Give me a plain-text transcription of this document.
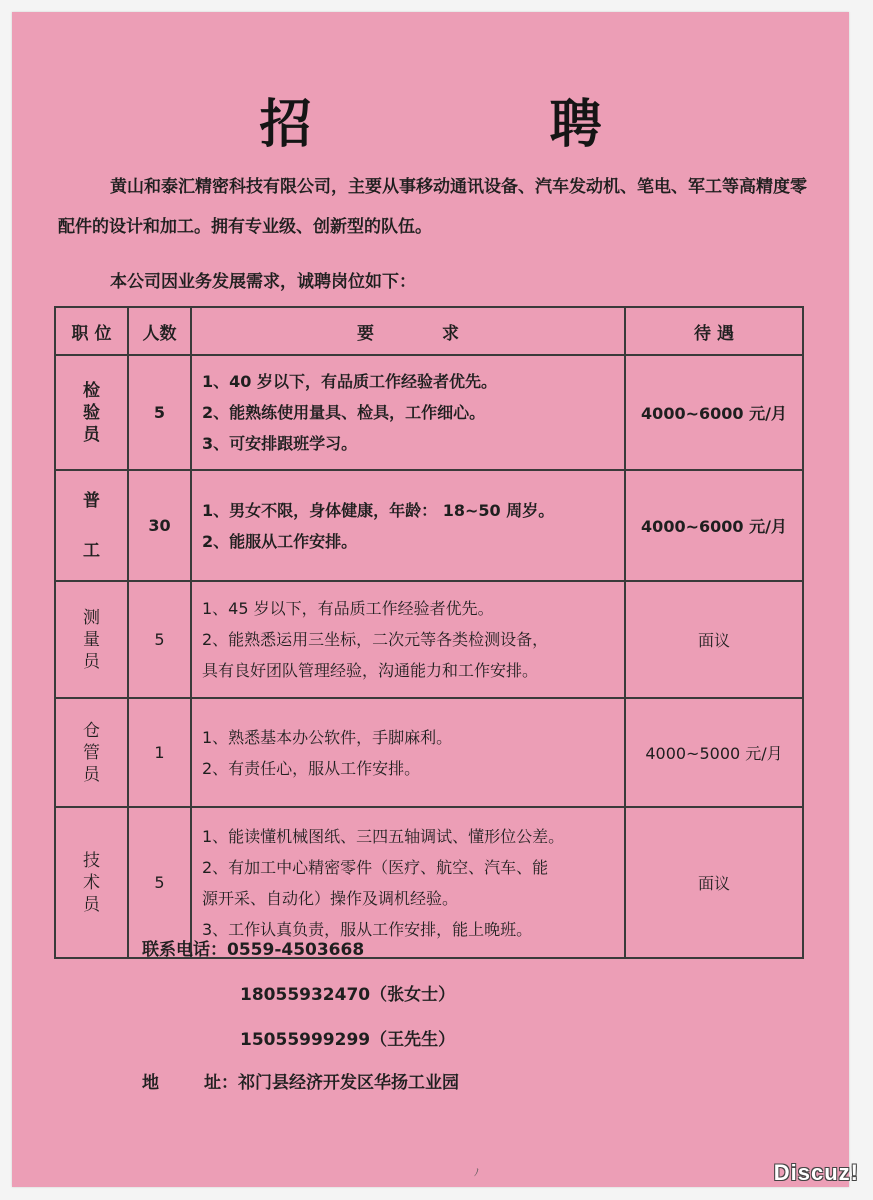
招 聘
黄山和泰汇精密科技有限公司，主要从事移动通讯设备、汽车发动机、笔电、军工等高精度零配件的设计和加工。拥有专业级、创新型的队伍。
本公司因业务发展需求，诚聘岗位如下：
职 位	人数	要　　　　求	待 遇
检验员	5	1、40 岁以下，有品质工作经验者优先。
2、能熟练使用量具、检具，工作细心。
3、可安排跟班学习。	4000~6000 元/月
普工	30	1、男女不限，身体健康，年龄： 18~50 周岁。
2、能服从工作安排。	4000~6000 元/月
测量员	5	1、45 岁以下，有品质工作经验者优先。
2、能熟悉运用三坐标，二次元等各类检测设备，
具有良好团队管理经验，沟通能力和工作安排。	面议
仓管员	1	1、熟悉基本办公软件，手脚麻利。
2、有责任心，服从工作安排。	4000~5000 元/月
技术员	5	1、能读懂机械图纸、三四五轴调试、懂形位公差。
2、有加工中心精密零件（医疗、航空、汽车、能
源开采、自动化）操作及调机经验。
3、工作认真负责，服从工作安排，能上晚班。	面议
联系电话：0559-4503668
18055932470（张女士）
15055999299（王先生）
地	址：祁门县经济开发区华扬工业园
ﾉ	Discuz!
